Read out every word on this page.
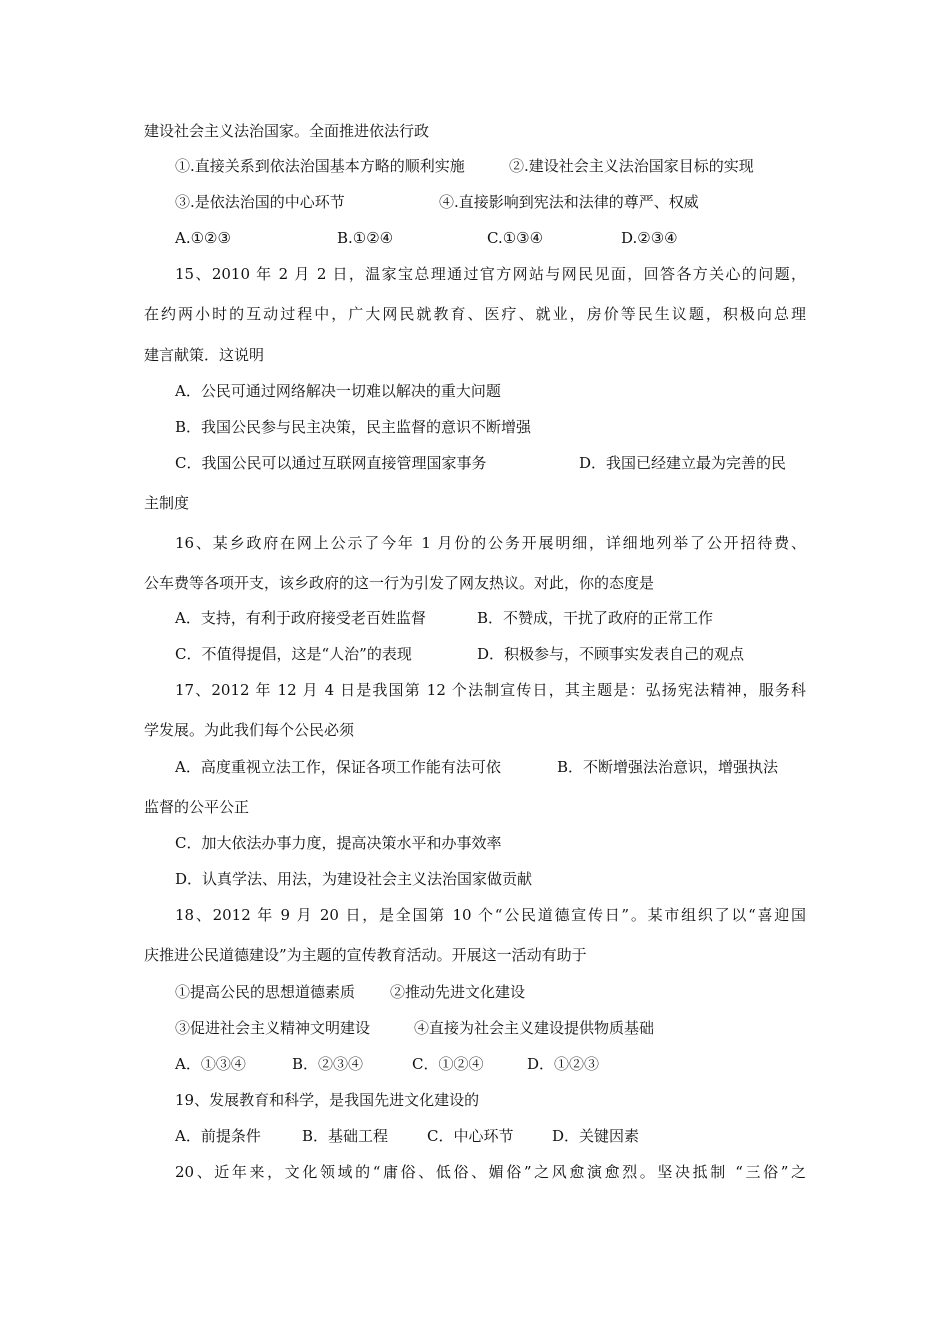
建设社会主义法治国家。全面推进依法行政
①.直接关系到依法治国基本方略的顺利实施	②.建设社会主义法治国家目标的实现
③.是依法治国的中心环节	④.直接影响到宪法和法律的尊严、权威
A.①②③	B.①②④	C.①③④	D.②③④
15、2010 年 2 月 2 日，温家宝总理通过官方网站与网民见面，回答各方关心的问题，
在约两小时的互动过程中，广大网民就教育、医疗、就业，房价等民生议题，积极向总理
建言献策．这说明
A．公民可通过网络解决一切难以解决的重大问题
B．我国公民参与民主决策，民主监督的意识不断增强
C．我国公民可以通过互联网直接管理国家事务	D．我国已经建立最为完善的民
主制度
16、某乡政府在网上公示了今年 1 月份的公务开展明细，详细地列举了公开招待费、
公车费等各项开支，该乡政府的这一行为引发了网友热议。对此，你的态度是
A．支持，有利于政府接受老百姓监督	B．不赞成，干扰了政府的正常工作
C．不值得提倡，这是“人治”的表现	D．积极参与，不顾事实发表自己的观点
17、2012 年 12 月 4 日是我国第 12 个法制宣传日，其主题是：弘扬宪法精神，服务科
学发展。为此我们每个公民必须
A．高度重视立法工作，保证各项工作能有法可依	B．不断增强法治意识，增强执法
监督的公平公正
C．加大依法办事力度，提高决策水平和办事效率
D．认真学法、用法，为建设社会主义法治国家做贡献
18、2012 年 9 月 20 日，是全国第 10 个“公民道德宣传日”。某市组织了以“喜迎国
庆推进公民道德建设”为主题的宣传教育活动。开展这一活动有助于
①提高公民的思想道德素质 ②推动先进文化建设
③促进社会主义精神文明建设	④直接为社会主义建设提供物质基础
A．①③④	B．②③④	C．①②④	D．①②③
19、发展教育和科学，是我国先进文化建设的
A．前提条件	B．基础工程	C．中心环节	D．关键因素
20、近年来，文化领域的“庸俗、低俗、媚俗”之风愈演愈烈。坚决抵制 “三俗”之
